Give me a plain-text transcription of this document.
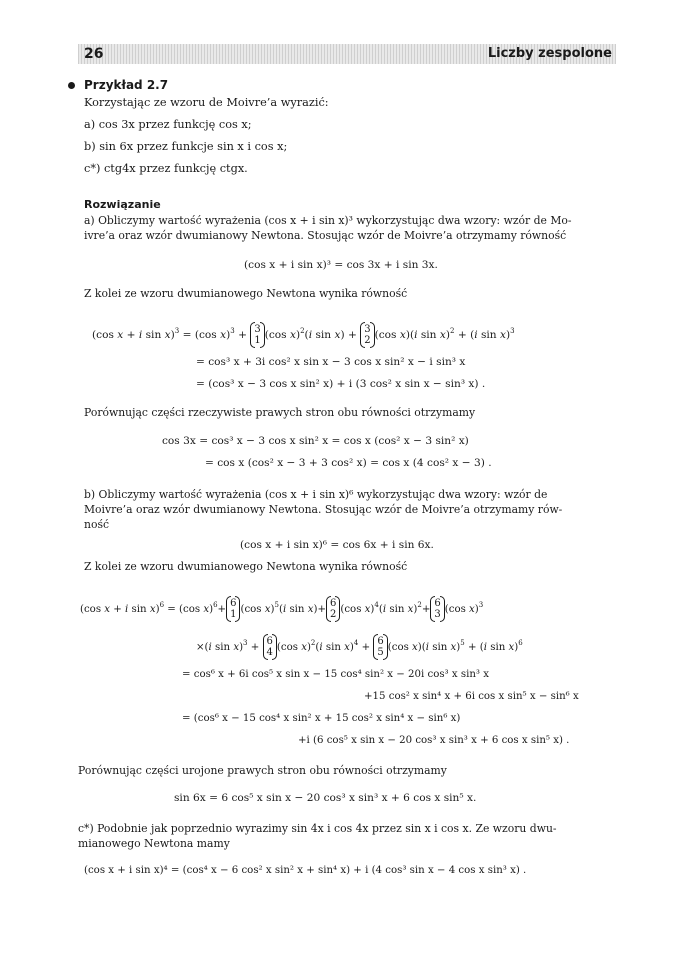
26	Liczby zespolone
Przykład 2.7
Korzystając ze wzoru de Moivre’a wyrazić:
a) cos 3x przez funkcję cos x;
b) sin 6x przez funkcje sin x i cos x;
c*) ctg4x przez funkcję ctgx.
Rozwiązanie
a) Obliczymy wartość wyrażenia (cos x + i sin x)³ wykorzystując dwa wzory: wzór de Mo-
ivre’a oraz wzór dwumianowy Newtona. Stosując wzór de Moivre’a otrzymamy równość
(cos x + i sin x)³ = cos 3x + i sin 3x.
Z kolei ze wzoru dwumianowego Newtona wynika równość
(cos x + i sin x)$^3$ = (cos x)$^3$ + 3
1 (cos x)$^2$(i sin x) + 3
2 (cos x)(i sin x)$^2$ + (i sin x)$^3$
= cos³ x + 3i cos² x sin x − 3 cos x sin² x − i sin³ x
= (cos³ x − 3 cos x sin² x) + i (3 cos² x sin x − sin³ x) .
Porównując części rzeczywiste prawych stron obu równości otrzymamy
cos 3x = cos³ x − 3 cos x sin² x = cos x (cos² x − 3 sin² x)
= cos x (cos² x − 3 + 3 cos² x) = cos x (4 cos² x − 3) .
b) Obliczymy wartość wyrażenia (cos x + i sin x)⁶ wykorzystując dwa wzory: wzór de
Moivre’a oraz wzór dwumianowy Newtona. Stosując wzór de Moivre’a otrzymamy rów-
ność
(cos x + i sin x)⁶ = cos 6x + i sin 6x.
Z kolei ze wzoru dwumianowego Newtona wynika równość
(cos x + i sin x)$^6$ = (cos x)$^6$+
6
1 (cos x)$^5$(i sin x)+
6
2 (cos x)$^4$(i sin x)$^2$+
6
3 (cos x)$^3$
×(i sin x)$^3$ +
6
4 (cos x)$^2$(i sin x)$^4$ +
6
5 (cos x)(i sin x)$^5$ + (i sin x)$^6$
= cos⁶ x + 6i cos⁵ x sin x − 15 cos⁴ sin² x − 20i cos³ x sin³ x
+15 cos² x sin⁴ x + 6i cos x sin⁵ x − sin⁶ x
= (cos⁶ x − 15 cos⁴ x sin² x + 15 cos² x sin⁴ x − sin⁶ x)
+i (6 cos⁵ x sin x − 20 cos³ x sin³ x + 6 cos x sin⁵ x) .
Porównując części urojone prawych stron obu równości otrzymamy
sin 6x = 6 cos⁵ x sin x − 20 cos³ x sin³ x + 6 cos x sin⁵ x.
c*) Podobnie jak poprzednio wyrazimy sin 4x i cos 4x przez sin x i cos x. Ze wzoru dwu-
mianowego Newtona mamy
(cos x + i sin x)⁴ = (cos⁴ x − 6 cos² x sin² x + sin⁴ x) + i (4 cos³ sin x − 4 cos x sin³ x) .
